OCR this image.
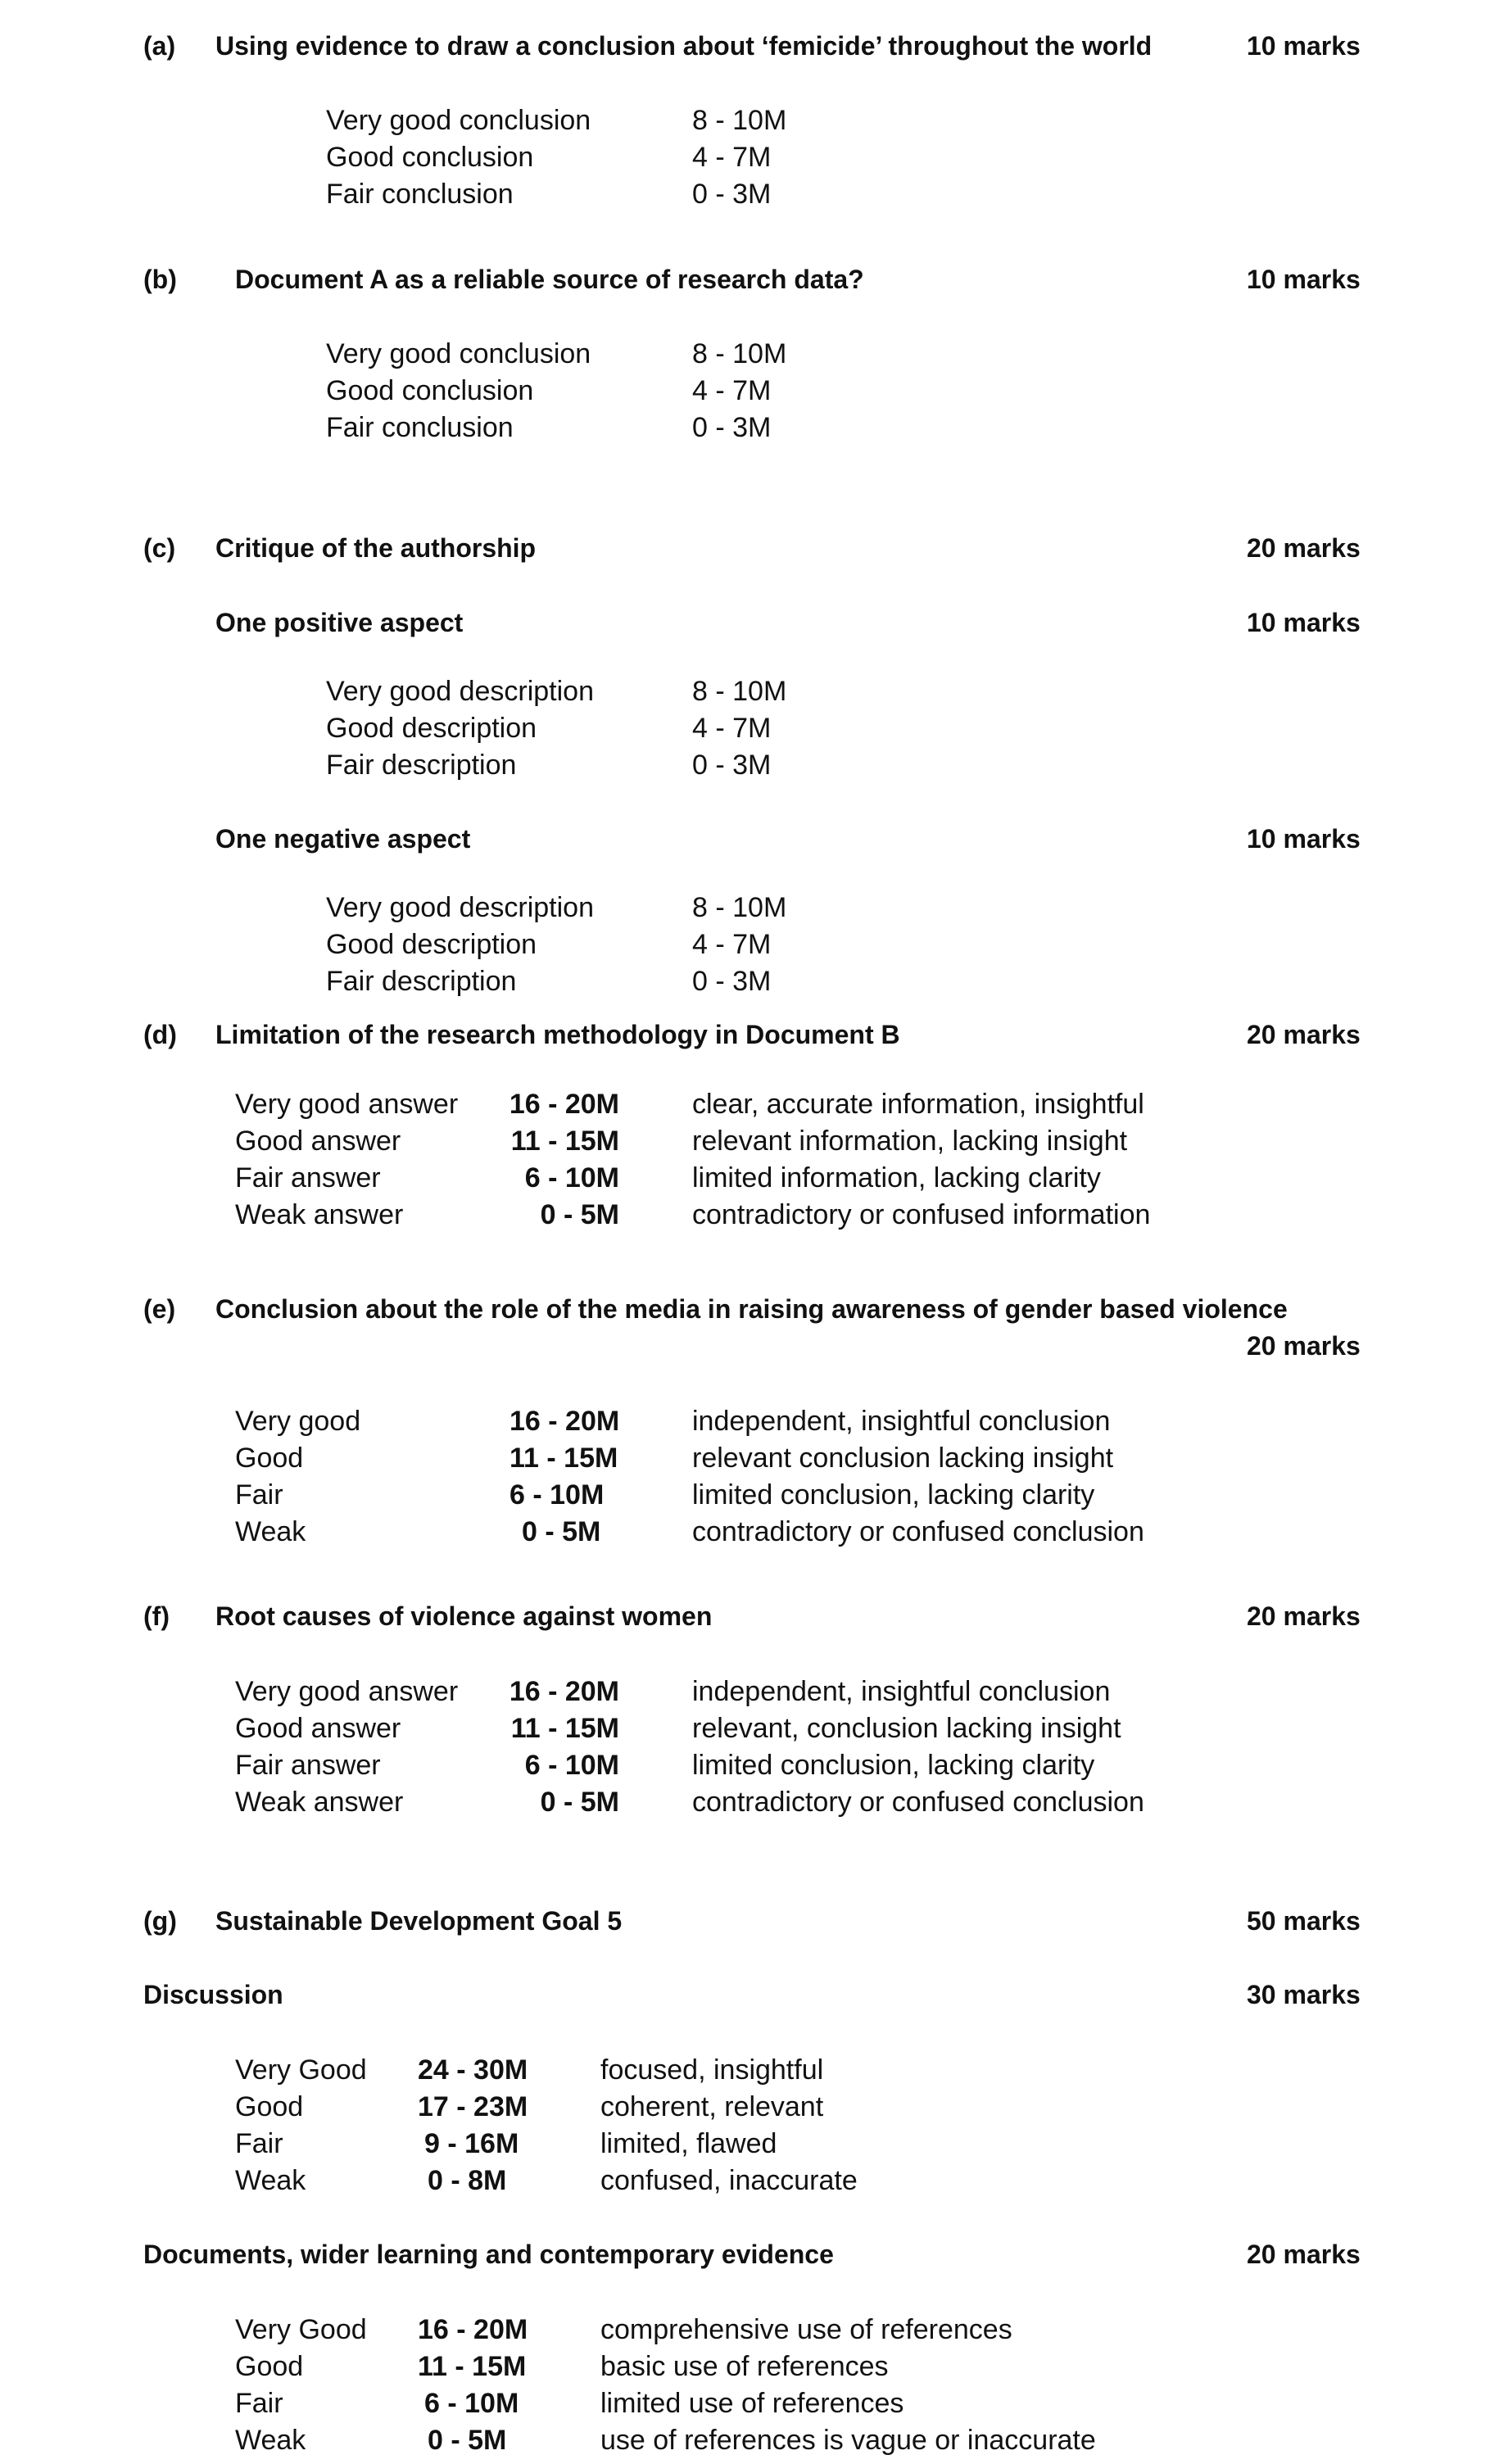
(a) Using evidence to draw a conclusion about ‘femicide’ throughout the world	10 marks
Very good conclusion	8 - 10M
Good conclusion	4 - 7M
Fair conclusion	0 - 3M
(b) Document A as a reliable source of research data?	10 marks
Very good conclusion	8 - 10M
Good conclusion	4 - 7M
Fair conclusion	0 - 3M
(c) Critique of the authorship	20 marks
One positive aspect	10 marks
Very good description	8 - 10M
Good description	4 - 7M
Fair description	0 - 3M
One negative aspect	10 marks
Very good description	8 - 10M
Good description	4 - 7M
Fair description	0 - 3M
(d) Limitation of the research methodology in Document B	20 marks
Very good answer	16 - 20M	clear, accurate information, insightful
Good answer	11 - 15M	relevant information, lacking insight
Fair answer	6 - 10M	limited information, lacking clarity
Weak answer	0 - 5M	contradictory or confused information
(e) Conclusion about the role of the media in raising awareness of gender based violence
20 marks
Very good	16 - 20M	independent, insightful conclusion
Good	11 - 15M	relevant conclusion lacking insight
Fair	6 - 10M	limited conclusion, lacking clarity
Weak	0 - 5M	contradictory or confused conclusion
(f) Root causes of violence against women	20 marks
Very good answer	16 - 20M	independent, insightful conclusion
Good answer	11 - 15M	relevant, conclusion lacking insight
Fair answer	6 - 10M	limited conclusion, lacking clarity
Weak answer	0 - 5M	contradictory or confused conclusion
(g) Sustainable Development Goal 5	50 marks
Discussion	30 marks
Very Good 24 - 30M	focused, insightful
Good	17 - 23M	coherent, relevant
Fair	9 - 16M	limited, flawed
Weak	0 - 8M	confused, inaccurate
Documents, wider learning and contemporary evidence	20 marks
Very Good 16 - 20M	comprehensive use of references
Good	11 - 15M	basic use of references
Fair	6 - 10M	limited use of references
Weak	0 - 5M	use of references is vague or inaccurate
